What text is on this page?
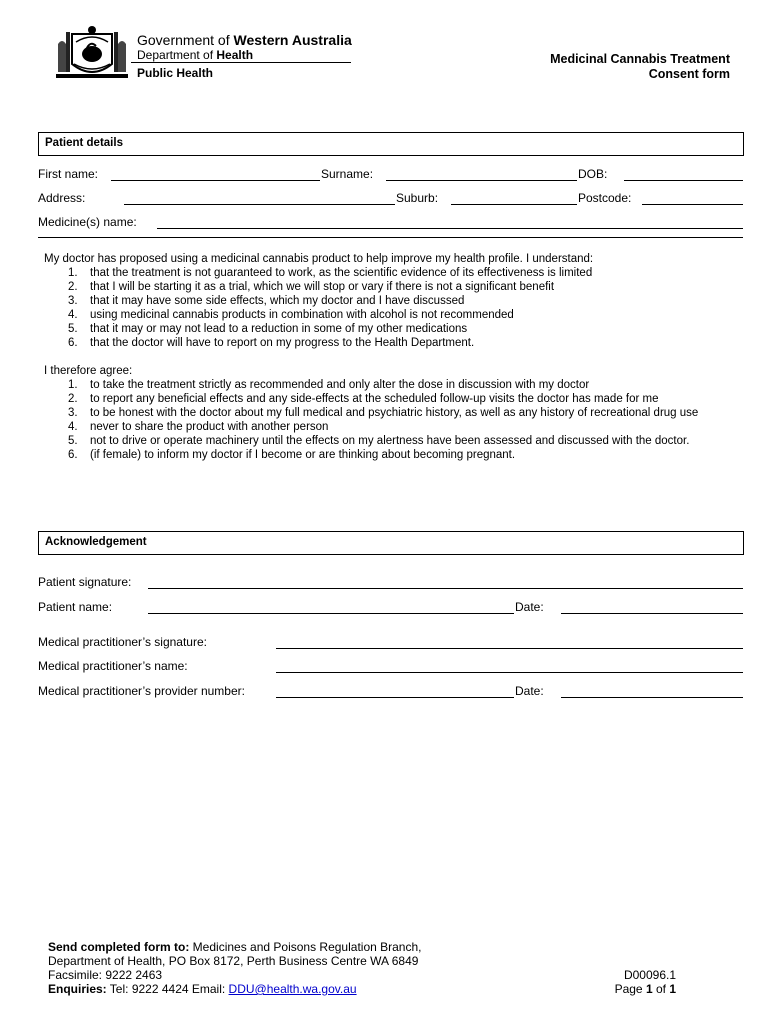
Government of Western Australia
Department of Health
Public Health
Medicinal Cannabis Treatment
Consent form
Patient details
First name:	Surname:	DOB:
Address:	Suburb:	Postcode:
Medicine(s) name:
My doctor has proposed using a medicinal cannabis product to help improve my health profile. I understand:
1. that the treatment is not guaranteed to work, as the scientific evidence of its effectiveness is limited
2. that I will be starting it as a trial, which we will stop or vary if there is not a significant benefit
3. that it may have some side effects, which my doctor and I have discussed
4. using medicinal cannabis products in combination with alcohol is not recommended
5. that it may or may not lead to a reduction in some of my other medications
6. that the doctor will have to report on my progress to the Health Department.
I therefore agree:
1. to take the treatment strictly as recommended and only alter the dose in discussion with my doctor
2. to report any beneficial effects and any side-effects at the scheduled follow-up visits the doctor has made for me
3. to be honest with the doctor about my full medical and psychiatric history, as well as any history of recreational drug use
4. never to share the product with another person
5. not to drive or operate machinery until the effects on my alertness have been assessed and discussed with the doctor.
6. (if female) to inform my doctor if I become or are thinking about becoming pregnant.
Acknowledgement
Patient signature:
Patient name:	Date:
Medical practitioner’s signature:
Medical practitioner’s name:
Medical practitioner’s provider number:	Date:
Send completed form to: Medicines and Poisons Regulation Branch,
Department of Health, PO Box 8172, Perth Business Centre WA 6849
Facsimile: 9222 2463
Enquiries: Tel: 9222 4424 Email: DDU@health.wa.gov.au
D00096.1
Page 1 of 1
